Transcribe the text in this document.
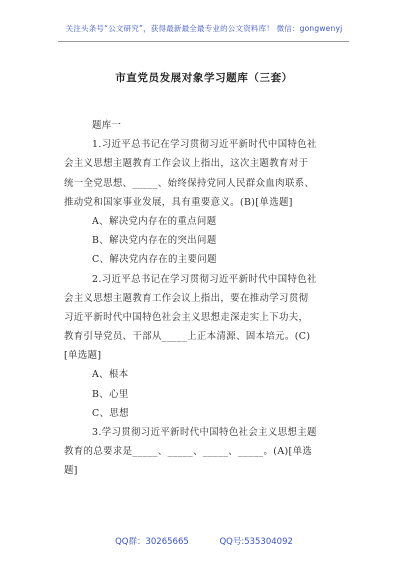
关注头条号“公文研究”，获得最新最全最专业的公文资料库！ 微信：gongwenyj
市直党员发展对象学习题库（三套）
题库一
1.习近平总书记在学习贯彻习近平新时代中国特色社
会主义思想主题教育工作会议上指出，这次主题教育对于
统一全党思想、_____、始终保持党同人民群众血肉联系、
推动党和国家事业发展，具有重要意义。(B)[单选题]
A、解决党内存在的重点问题
B、解决党内存在的突出问题
C、解决党内存在的主要问题
2.习近平总书记在学习贯彻习近平新时代中国特色社
会主义思想主题教育工作会议上指出，要在推动学习贯彻
习近平新时代中国特色社会主义思想走深走实上下功夫，
教育引导党员、干部从_____上正本清源、固本培元。(C)
[单选题]
A、根本
B、心里
C、思想
3.学习贯彻习近平新时代中国特色社会主义思想主题
教育的总要求是_____、_____、_____、_____。(A)[单选
题]
QQ群：30265665	QQ号:535304092
